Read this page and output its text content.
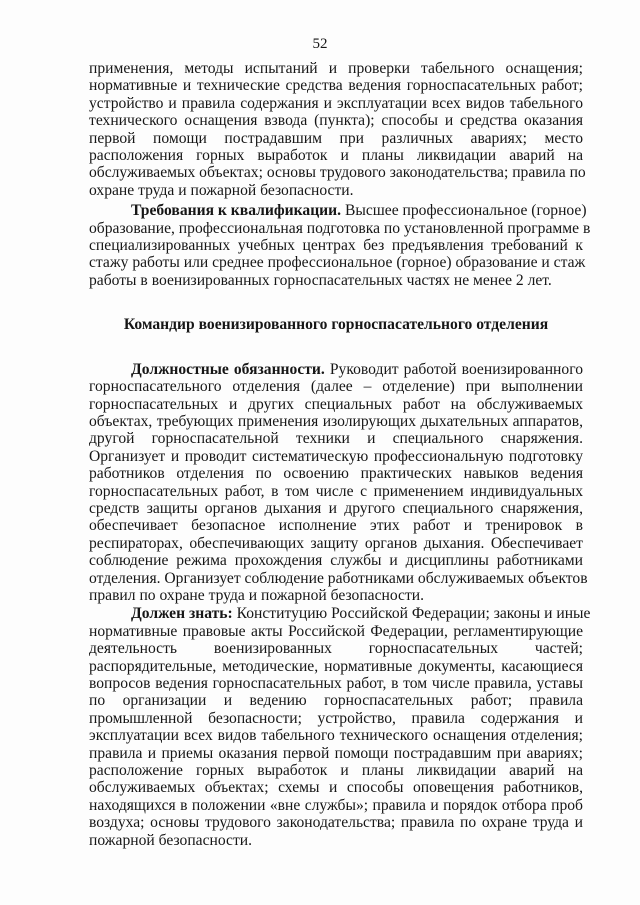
52

применения, методы испытаний и проверки табельного оснащения;
нормативные и технические средства ведения горноспасательных работ;
устройство и правила содержания и эксплуатации всех видов табельного
технического оснащения взвода (пункта); способы и средства оказания
первой помощи пострадавшим при различных авариях; место
расположения горных выработок и планы ликвидации аварий на
обслуживаемых объектах; основы трудового законодательства; правила по
охране труда и пожарной безопасности.

Требования к квалификации. Высшее профессиональное (горное)
образование, профессиональная подготовка по установленной программе в
специализированных учебных центрах без предъявления требований к
стажу работы или среднее профессиональное (горное) образование и стаж
работы в военизированных горноспасательных частях не менее 2 лет.

Командир военизированного горноспасательного отделения

Должностные обязанности. Руководит работой военизированного
горноспасательного отделения (далее – отделение) при выполнении
горноспасательных и других специальных работ на обслуживаемых
объектах, требующих применения изолирующих дыхательных аппаратов,
другой горноспасательной техники и специального снаряжения.
Организует и проводит систематическую профессиональную подготовку
работников отделения по освоению практических навыков ведения
горноспасательных работ, в том числе с применением индивидуальных
средств защиты органов дыхания и другого специального снаряжения,
обеспечивает безопасное исполнение этих работ и тренировок в
респираторах, обеспечивающих защиту органов дыхания. Обеспечивает
соблюдение режима прохождения службы и дисциплины работниками
отделения. Организует соблюдение работниками обслуживаемых объектов
правил по охране труда и пожарной безопасности.

Должен знать: Конституцию Российской Федерации; законы и иные
нормативные правовые акты Российской Федерации, регламентирующие
деятельность военизированных горноспасательных частей;
распорядительные, методические, нормативные документы, касающиеся
вопросов ведения горноспасательных работ, в том числе правила, уставы
по организации и ведению горноспасательных работ; правила
промышленной безопасности; устройство, правила содержания и
эксплуатации всех видов табельного технического оснащения отделения;
правила и приемы оказания первой помощи пострадавшим при авариях;
расположение горных выработок и планы ликвидации аварий на
обслуживаемых объектах; схемы и способы оповещения работников,
находящихся в положении «вне службы»; правила и порядок отбора проб
воздуха; основы трудового законодательства; правила по охране труда и
пожарной безопасности.
